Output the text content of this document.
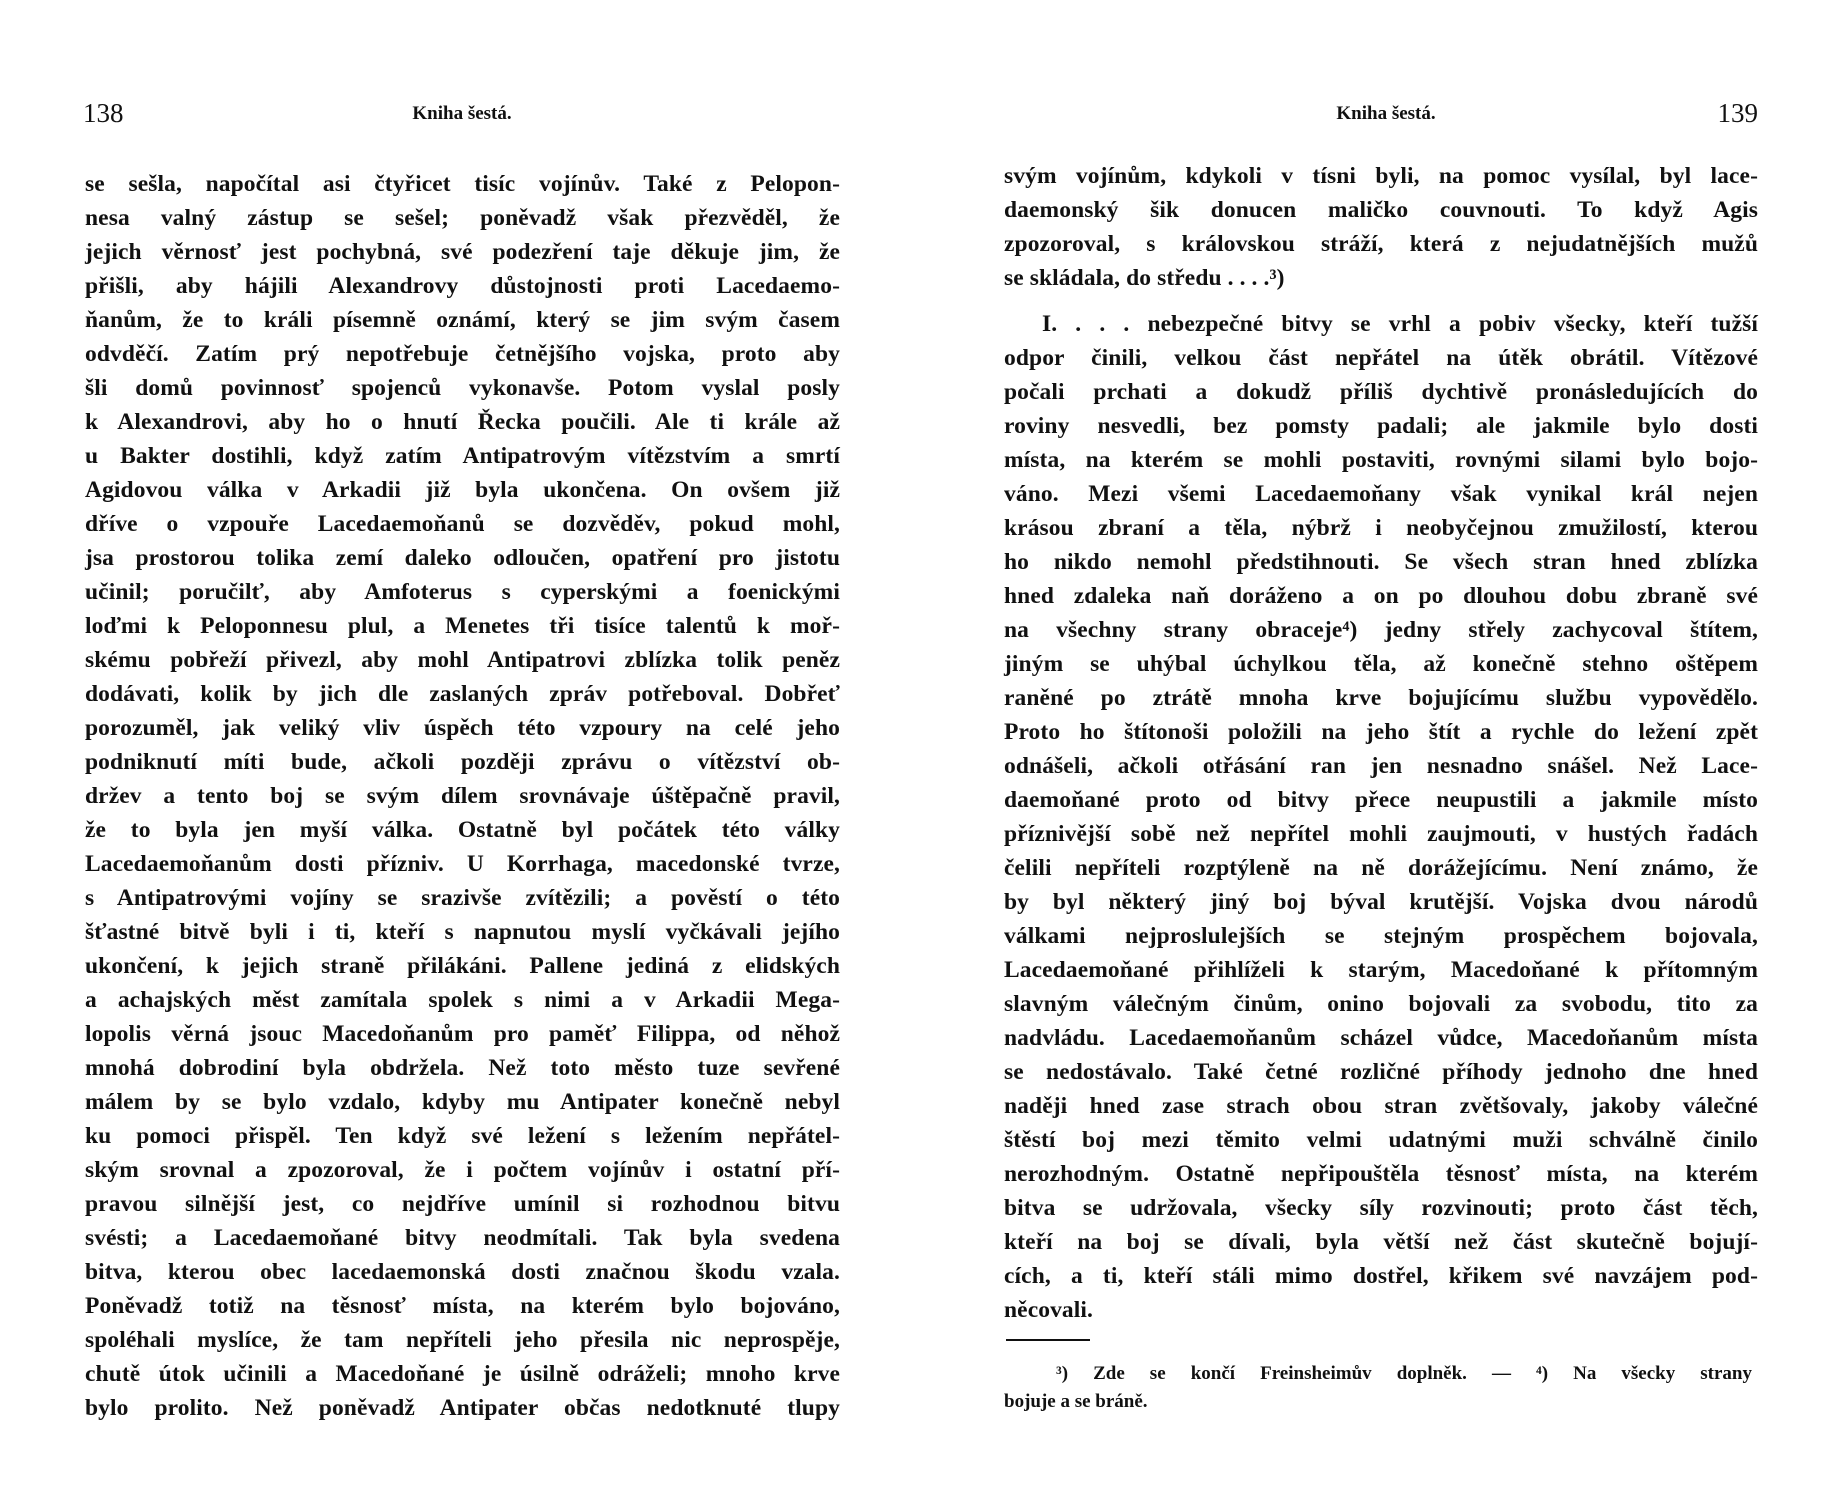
138	Kniha šestá.
se sešla, napočítal asi čtyřicet tisíc vojínův. Také z Pelopon-
nesa valný zástup se sešel; poněvadž však přezvěděl, že
jejich věrnosť jest pochybná, své podezření taje děkuje jim, že
přišli, aby hájili Alexandrovy důstojnosti proti Lacedaemo-
ňanům, že to králi písemně oznámí, který se jim svým časem
odvděčí. Zatím prý nepotřebuje četnějšího vojska, proto aby
šli domů povinnosť spojenců vykonavše. Potom vyslal posly
k Alexandrovi, aby ho o hnutí Řecka poučili. Ale ti krále až
u Bakter dostihli, když zatím Antipatrovým vítězstvím a smrtí
Agidovou válka v Arkadii již byla ukončena. On ovšem již
dříve o vzpouře Lacedaemoňanů se dozvěděv, pokud mohl,
jsa prostorou tolika zemí daleko odloučen, opatření pro jistotu
učinil; poručilť, aby Amfoterus s cyperskými a foenickými
loďmi k Peloponnesu plul, a Menetes tři tisíce talentů k moř-
skému pobřeží přivezl, aby mohl Antipatrovi zblízka tolik peněz
dodávati, kolik by jich dle zaslaných zpráv potřeboval. Dobřeť
porozuměl, jak veliký vliv úspěch této vzpoury na celé jeho
podniknutí míti bude, ačkoli později zprávu o vítězství ob-
držev a tento boj se svým dílem srovnávaje úštěpačně pravil,
že to byla jen myší válka. Ostatně byl počátek této války
Lacedaemoňanům dosti přízniv. U Korrhaga, macedonské tvrze,
s Antipatrovými vojíny se srazivše zvítězili; a pověstí o této
šťastné bitvě byli i ti, kteří s napnutou myslí vyčkávali jejího
ukončení, k jejich straně přilákáni. Pallene jediná z elidských
a achajských měst zamítala spolek s nimi a v Arkadii Mega-
lopolis věrná jsouc Macedoňanům pro paměť Filippa, od něhož
mnohá dobrodiní byla obdržela. Než toto město tuze sevřené
málem by se bylo vzdalo, kdyby mu Antipater konečně nebyl
ku pomoci přispěl. Ten když své ležení s ležením nepřátel-
ským srovnal a zpozoroval, že i počtem vojínův i ostatní pří-
pravou silnější jest, co nejdříve umínil si rozhodnou bitvu
svésti; a Lacedaemoňané bitvy neodmítali. Tak byla svedena
bitva, kterou obec lacedaemonská dosti značnou škodu vzala.
Poněvadž totiž na těsnosť místa, na kterém bylo bojováno,
spoléhali myslíce, že tam nepříteli jeho přesila nic neprospěje,
chutě útok učinili a Macedoňané je úsilně odráželi; mnoho krve
bylo prolito. Než poněvadž Antipater občas nedotknuté tlupy
139
Kniha šestá.
svým vojínům, kdykoli v tísni byli, na pomoc vysílal, byl lace-
daemonský šik donucen maličko couvnouti. To když Agis
zpozoroval, s královskou stráží, která z nejudatnějších mužů
se skládala, do středu . . . .³)
I. . . . nebezpečné bitvy se vrhl a pobiv všecky, kteří tužší
odpor činili, velkou část nepřátel na útěk obrátil. Vítězové
počali prchati a dokudž příliš dychtivě pronásledujících do
roviny nesvedli, bez pomsty padali; ale jakmile bylo dosti
místa, na kterém se mohli postaviti, rovnými silami bylo bojo-
váno. Mezi všemi Lacedaemoňany však vynikal král nejen
krásou zbraní a těla, nýbrž i neobyčejnou zmužilostí, kterou
ho nikdo nemohl předstihnouti. Se všech stran hned zblízka
hned zdaleka naň doráženo a on po dlouhou dobu zbraně své
na všechny strany obraceje⁴) jedny střely zachycoval štítem,
jiným se uhýbal úchylkou těla, až konečně stehno oštěpem
raněné po ztrátě mnoha krve bojujícímu službu vypovědělo.
Proto ho štítonoši položili na jeho štít a rychle do ležení zpět
odnášeli, ačkoli otřásání ran jen nesnadno snášel. Než Lace-
daemoňané proto od bitvy přece neupustili a jakmile místo
příznivější sobě než nepřítel mohli zaujmouti, v hustých řadách
čelili nepříteli rozptýleně na ně dorážejícímu. Není známo, že
by byl některý jiný boj býval krutější. Vojska dvou národů
válkami nejproslulejších se stejným prospěchem bojovala,
Lacedaemoňané přihlíželi k starým, Macedoňané k přítomným
slavným válečným činům, onino bojovali za svobodu, tito za
nadvládu. Lacedaemoňanům scházel vůdce, Macedoňanům místa
se nedostávalo. Také četné rozličné příhody jednoho dne hned
naději hned zase strach obou stran zvětšovaly, jakoby válečné
štěstí boj mezi těmito velmi udatnými muži schválně činilo
nerozhodným. Ostatně nepřipouštěla těsnosť místa, na kterém
bitva se udržovala, všecky síly rozvinouti; proto část těch,
kteří na boj se dívali, byla větší než část skutečně bojují-
cích, a ti, kteří stáli mimo dostřel, křikem své navzájem pod-
něcovali.
³) Zde se končí Freinsheimův doplněk. — ⁴) Na všecky strany
bojuje a se bráně.
